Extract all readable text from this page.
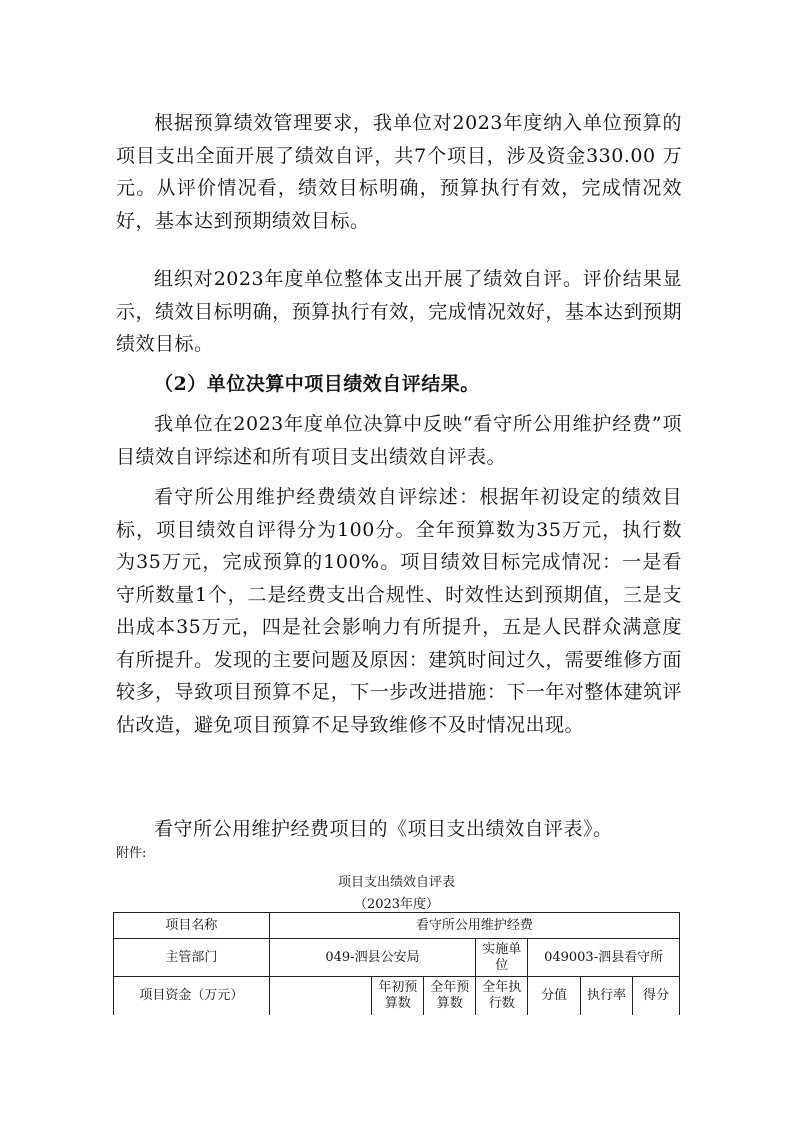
根据预算绩效管理要求，我单位对2023年度纳入单位预算的项目支出全面开展了绩效自评，共7个项目，涉及资金330.00 万元。从评价情况看，绩效目标明确，预算执行有效，完成情况效好，基本达到预期绩效目标。

组织对2023年度单位整体支出开展了绩效自评。评价结果显示，绩效目标明确，预算执行有效，完成情况效好，基本达到预期绩效目标。

（2）单位决算中项目绩效自评结果。

我单位在2023年度单位决算中反映“看守所公用维护经费”项目绩效自评综述和所有项目支出绩效自评表。

看守所公用维护经费绩效自评综述：根据年初设定的绩效目标，项目绩效自评得分为100分。全年预算数为35万元，执行数为35万元，完成预算的100%。项目绩效目标完成情况：一是看守所数量1个，二是经费支出合规性、时效性达到预期值，三是支出成本35万元，四是社会影响力有所提升，五是人民群众满意度有所提升。发现的主要问题及原因：建筑时间过久，需要维修方面较多，导致项目预算不足，下一步改进措施：下一年对整体建筑评估改造，避免项目预算不足导致维修不及时情况出现。

看守所公用维护经费项目的《项目支出绩效自评表》。

附件:

项目支出绩效自评表

（2023年度）

项目名称	看守所公用维护经费						
主管部门	049-泗县公安局			实施单位	049003-泗县看守所		
项目资金（万元）		年初预算数	全年预算数	全年执行数	分值	执行率	得分
